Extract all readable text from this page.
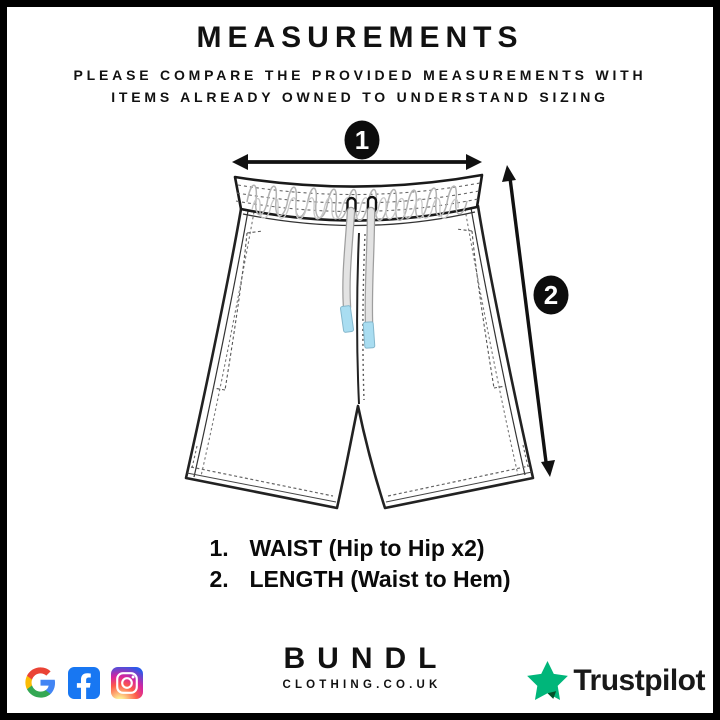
MEASUREMENTS
PLEASE COMPARE THE PROVIDED MEASUREMENTS WITH
ITEMS ALREADY OWNED TO UNDERSTAND SIZING
1
2
1. WAIST (Hip to Hip x2)
2. LENGTH (Waist to Hem)
BUNDL
CLOTHING.CO.UK	Trustpilot
